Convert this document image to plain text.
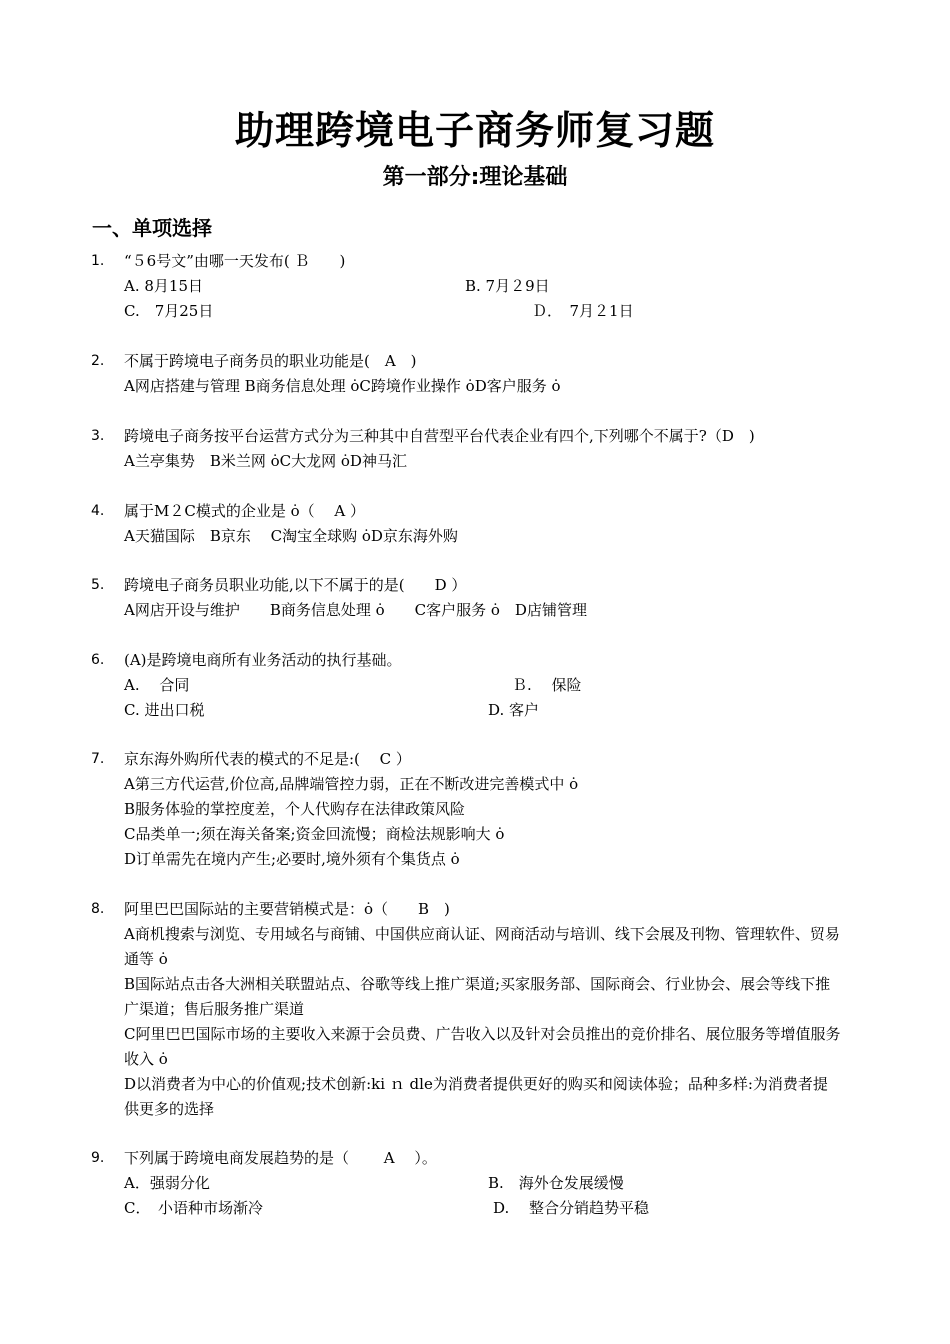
助理跨境电子商务师复习题
第一部分:理论基础
一、单项选择
1. “５6号文”由哪一天发布( Ｂ　　)
A. 8月15日	B. 7月２9日
C.　7月25日	Ｄ．　7月２1日
2. 不属于跨境电子商务员的职业功能是(　A　)
A网店搭建与管理 B商务信息处理 ȯC跨境作业操作 ȯD客户服务 ȯ
3. 跨境电子商务按平台运营方式分为三种其中自营型平台代表企业有四个,下列哪个不属于?（D　)
A兰亭集势　B米兰网 ȯC大龙网 ȯD神马汇
4. 属于M２C模式的企业是 ȯ（　 A ）
A天猫国际　B京东　 C淘宝全球购 ȯD京东海外购
5. 跨境电子商务员职业功能,以下不属于的是(　　D ）
A网店开设与维护　　B商务信息处理 ȯ　　C客户服务 ȯ　D店铺管理
6. (A)是跨境电商所有业务活动的执行基础。
A.　 合同	Ｂ.　 保险
C. 进出口税	D. 客户
7. 京东海外购所代表的模式的不足是:(　 C ）
A第三方代运营,价位高,品牌端管控力弱，正在不断改进完善模式中 ȯ
B服务体验的掌控度差，个人代购存在法律政策风险
C品类单一;须在海关备案;资金回流慢；商检法规影响大 ȯ
D订单需先在境内产生;必要时,境外须有个集货点 ȯ
8. 阿里巴巴国际站的主要营销模式是：ȯ（　　B　)
A商机搜索与浏览、专用域名与商铺、中国供应商认证、网商活动与培训、线下会展及刊物、管理软件、贸易通等 ȯ
B国际站点击各大洲相关联盟站点、谷歌等线上推广渠道;买家服务部、国际商会、行业协会、展会等线下推广渠道；售后服务推广渠道
C阿里巴巴国际市场的主要收入来源于会员费、广告收入以及针对会员推出的竞价排名、展位服务等增值服务收入 ȯ
D以消费者为中心的价值观;技术创新:ki ｎ dle为消费者提供更好的购买和阅读体验；品种多样:为消费者提供更多的选择
9. 下列属于跨境电商发展趋势的是（　　 A　 ）。
A．强弱分化	B.　海外仓发展缓慢
C．　小语种市场渐冷	D.　 整合分销趋势平稳
